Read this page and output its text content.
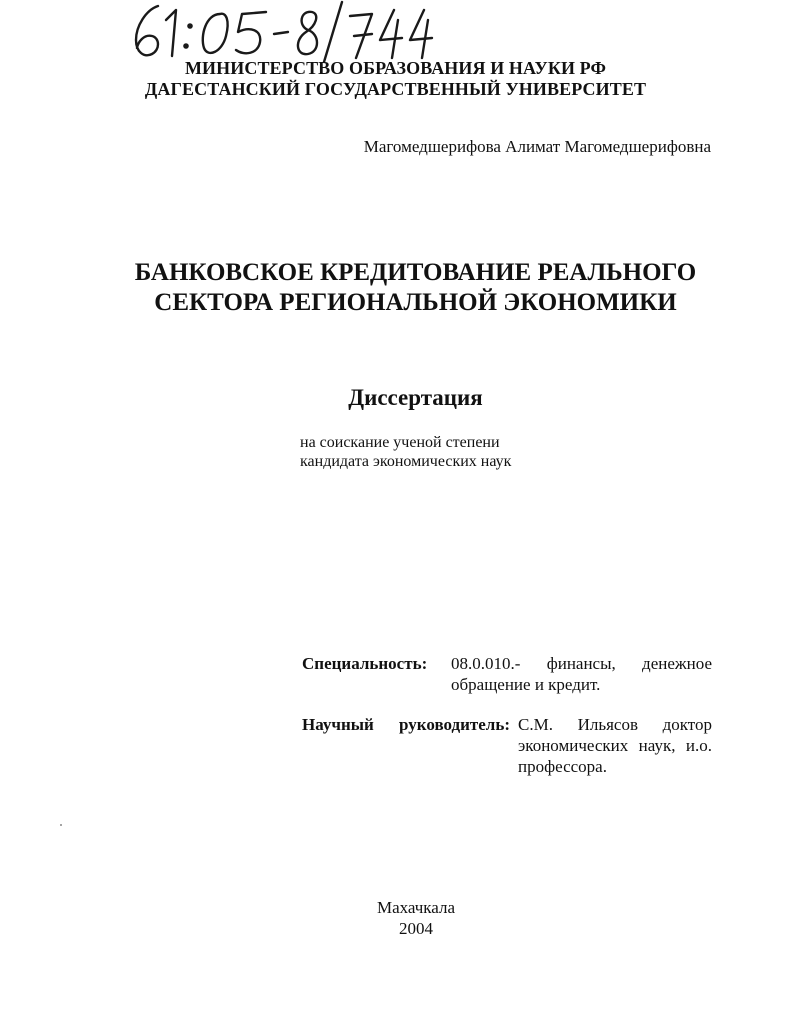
МИНИСТЕРСТВО ОБРАЗОВАНИЯ И НАУКИ РФ
ДАГЕСТАНСКИЙ ГОСУДАРСТВЕННЫЙ УНИВЕРСИТЕТ
Магомедшерифова Алимат Магомедшерифовна
БАНКОВСКОЕ КРЕДИТОВАНИЕ РЕАЛЬНОГО
СЕКТОРА РЕГИОНАЛЬНОЙ ЭКОНОМИКИ
Диссертация
на соискание ученой степени
кандидата экономических наук
Специальность: 08.0.010.- финансы, денежное обращение и кредит.
Научный руководитель: С.М. Ильясов доктор экономических наук, и.о. профессора.
Махачкала
2004
